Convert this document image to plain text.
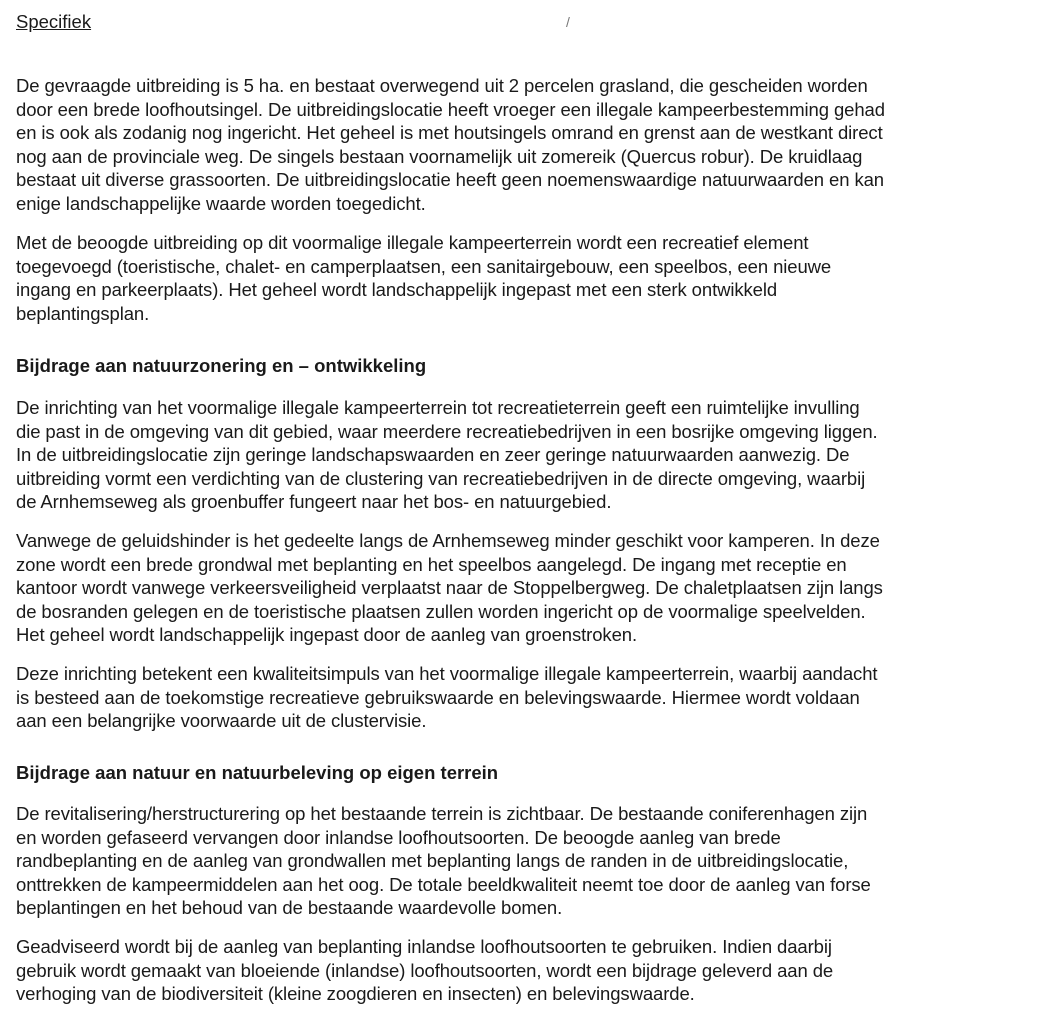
Specifiek	/
De gevraagde uitbreiding is 5 ha. en bestaat overwegend uit 2 percelen grasland, die gescheiden worden
door een brede loofhoutsingel. De uitbreidingslocatie heeft vroeger een illegale kampeerbestemming gehad
en is ook als zodanig nog ingericht. Het geheel is met houtsingels omrand en grenst aan de westkant direct
nog aan de provinciale weg. De singels bestaan voornamelijk uit zomereik (Quercus robur). De kruidlaag
bestaat uit diverse grassoorten. De uitbreidingslocatie heeft geen noemenswaardige natuurwaarden en kan
enige landschappelijke waarde worden toegedicht.
Met de beoogde uitbreiding op dit voormalige illegale kampeerterrein wordt een recreatief element
toegevoegd (toeristische, chalet- en camperplaatsen, een sanitairgebouw, een speelbos, een nieuwe
ingang en parkeerplaats). Het geheel wordt landschappelijk ingepast met een sterk ontwikkeld
beplantingsplan.
Bijdrage aan natuurzonering en – ontwikkeling
De inrichting van het voormalige illegale kampeerterrein tot recreatieterrein geeft een ruimtelijke invulling
die past in de omgeving van dit gebied, waar meerdere recreatiebedrijven in een bosrijke omgeving liggen.
In de uitbreidingslocatie zijn geringe landschapswaarden en zeer geringe natuurwaarden aanwezig. De
uitbreiding vormt een verdichting van de clustering van recreatiebedrijven in de directe omgeving, waarbij
de Arnhemseweg als groenbuffer fungeert naar het bos- en natuurgebied.
Vanwege de geluidshinder is het gedeelte langs de Arnhemseweg minder geschikt voor kamperen. In deze
zone wordt een brede grondwal met beplanting en het speelbos aangelegd. De ingang met receptie en
kantoor wordt vanwege verkeersveiligheid verplaatst naar de Stoppelbergweg. De chaletplaatsen zijn langs
de bosranden gelegen en de toeristische plaatsen zullen worden ingericht op de voormalige speelvelden.
Het geheel wordt landschappelijk ingepast door de aanleg van groenstroken.
Deze inrichting betekent een kwaliteitsimpuls van het voormalige illegale kampeerterrein, waarbij aandacht
is besteed aan de toekomstige recreatieve gebruikswaarde en belevingswaarde. Hiermee wordt voldaan
aan een belangrijke voorwaarde uit de clustervisie.
Bijdrage aan natuur en natuurbeleving op eigen terrein
De revitalisering/herstructurering op het bestaande terrein is zichtbaar. De bestaande coniferenhagen zijn
en worden gefaseerd vervangen door inlandse loofhoutsoorten. De beoogde aanleg van brede
randbeplanting en de aanleg van grondwallen met beplanting langs de randen in de uitbreidingslocatie,
onttrekken de kampeermiddelen aan het oog. De totale beeldkwaliteit neemt toe door de aanleg van forse
beplantingen en het behoud van de bestaande waardevolle bomen.
Geadviseerd wordt bij de aanleg van beplanting inlandse loofhoutsoorten te gebruiken. Indien daarbij
gebruik wordt gemaakt van bloeiende (inlandse) loofhoutsoorten, wordt een bijdrage geleverd aan de
verhoging van de biodiversiteit (kleine zoogdieren en insecten) en belevingswaarde.
